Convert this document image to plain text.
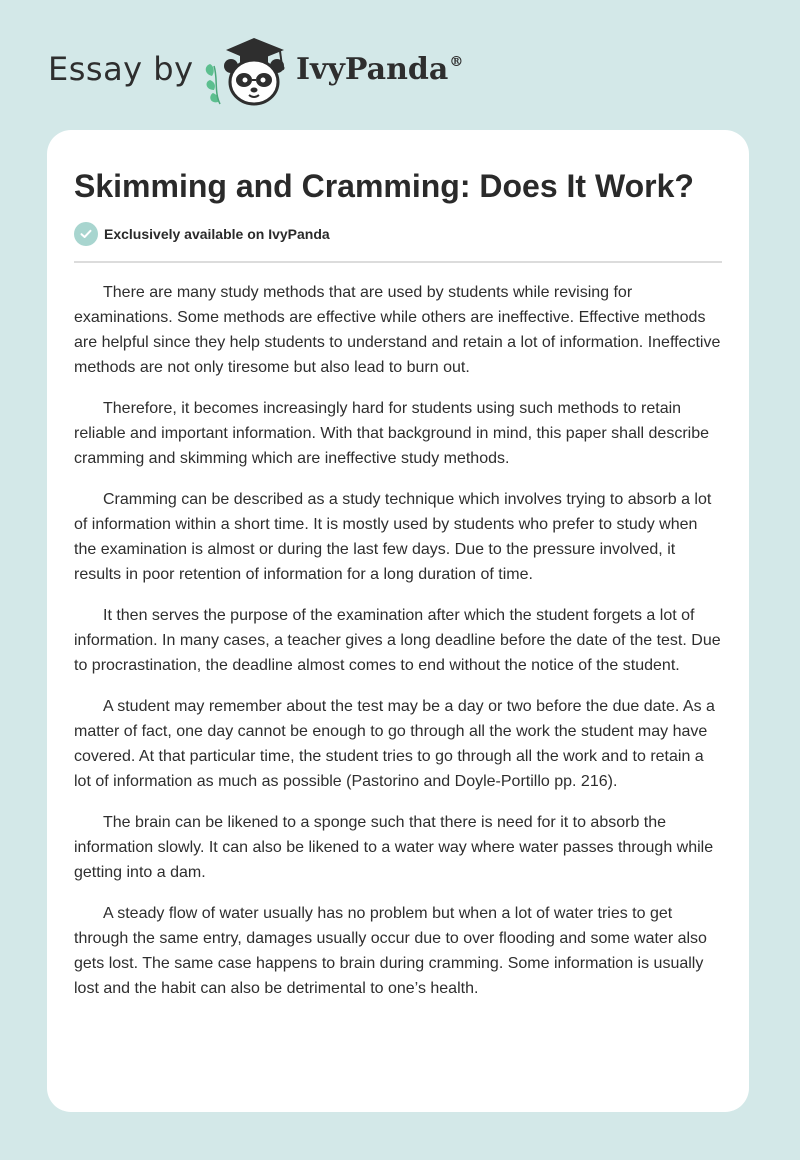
Essay by	IvyPanda®
Skimming and Cramming: Does It Work?
Exclusively available on IvyPanda

There are many study methods that are used by students while revising for examinations. Some methods are effective while others are ineffective. Effective methods are helpful since they help students to understand and retain a lot of information. Ineffective methods are not only tiresome but also lead to burn out.

Therefore, it becomes increasingly hard for students using such methods to retain reliable and important information. With that background in mind, this paper shall describe cramming and skimming which are ineffective study methods.

Cramming can be described as a study technique which involves trying to absorb a lot of information within a short time. It is mostly used by students who prefer to study when the examination is almost or during the last few days. Due to the pressure involved, it results in poor retention of information for a long duration of time.

It then serves the purpose of the examination after which the student forgets a lot of information. In many cases, a teacher gives a long deadline before the date of the test. Due to procrastination, the deadline almost comes to end without the notice of the student.

A student may remember about the test may be a day or two before the due date. As a matter of fact, one day cannot be enough to go through all the work the student may have covered. At that particular time, the student tries to go through all the work and to retain a lot of information as much as possible (Pastorino and Doyle-Portillo pp. 216).

The brain can be likened to a sponge such that there is need for it to absorb the information slowly. It can also be likened to a water way where water passes through while getting into a dam.

A steady flow of water usually has no problem but when a lot of water tries to get through the same entry, damages usually occur due to over flooding and some water also gets lost. The same case happens to brain during cramming. Some information is usually lost and the habit can also be detrimental to one’s health.
